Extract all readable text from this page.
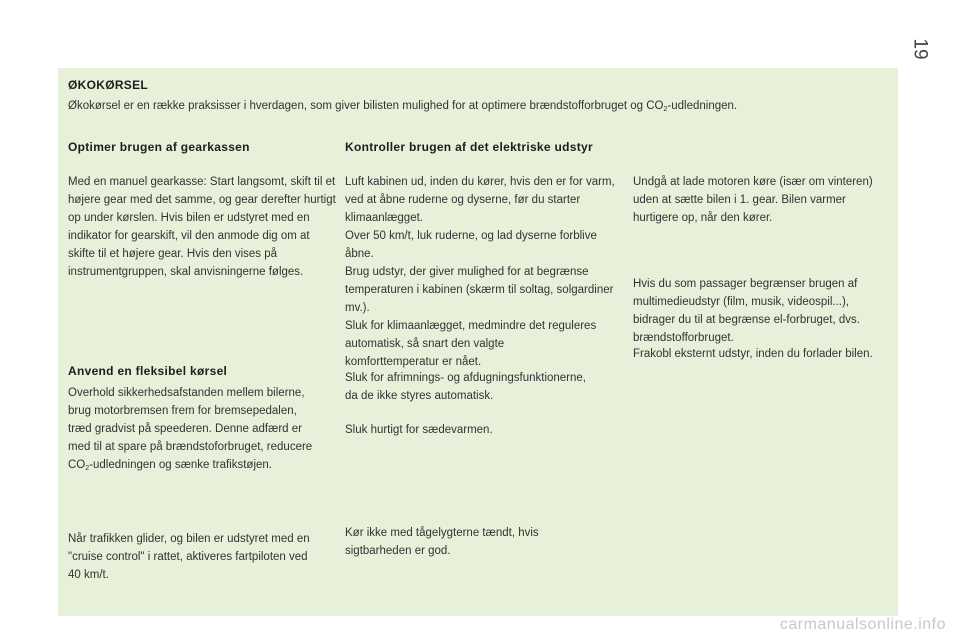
19
ØKOKØRSEL
Økokørsel er en række praksisser i hverdagen, som giver bilisten mulighed for at optimere brændstofforbruget og $CO_2$-udledningen.
Optimer brugen af gearkassen
Med en manuel gearkasse: Start langsomt, skift til et højere gear med det samme, og gear derefter hurtigt op under kørslen. Hvis bilen er udstyret med en indikator for gearskift, vil den anmode dig om at skifte til et højere gear. Hvis den vises på instrumentgruppen, skal anvisningerne følges.
Anvend en fleksibel kørsel
Overhold sikkerhedsafstanden mellem bilerne, brug motorbremsen frem for bremsepedalen, træd gradvist på speederen. Denne adfærd er med til at spare på brændstoforbruget, reducere $CO_2$-udledningen og sænke trafikstøjen.
Når trafikken glider, og bilen er udstyret med en "cruise control" i rattet, aktiveres fartpiloten ved 40 km/t.
Kontroller brugen af det elektriske udstyr
Luft kabinen ud, inden du kører, hvis den er for varm, ved at åbne ruderne og dyserne, før du starter klimaanlægget.
Over 50 km/t, luk ruderne, og lad dyserne forblive åbne.
Brug udstyr, der giver mulighed for at begrænse temperaturen i kabinen (skærm til soltag, solgardiner mv.).
Sluk for klimaanlægget, medmindre det reguleres automatisk, så snart den valgte komforttemperatur er nået.
Sluk for afrimnings- og afdugningsfunktionerne, da de ikke styres automatisk.
Sluk hurtigt for sædevarmen.
Kør ikke med tågelygterne tændt, hvis sigtbarheden er god.
Undgå at lade motoren køre (især om vinteren) uden at sætte bilen i 1. gear. Bilen varmer hurtigere op, når den kører.
Hvis du som passager begrænser brugen af multimedieudstyr (film, musik, videospil...), bidrager du til at begrænse el-forbruget, dvs. brændstofforbruget.
Frakobl eksternt udstyr, inden du forlader bilen.
carmanualsonline.info
